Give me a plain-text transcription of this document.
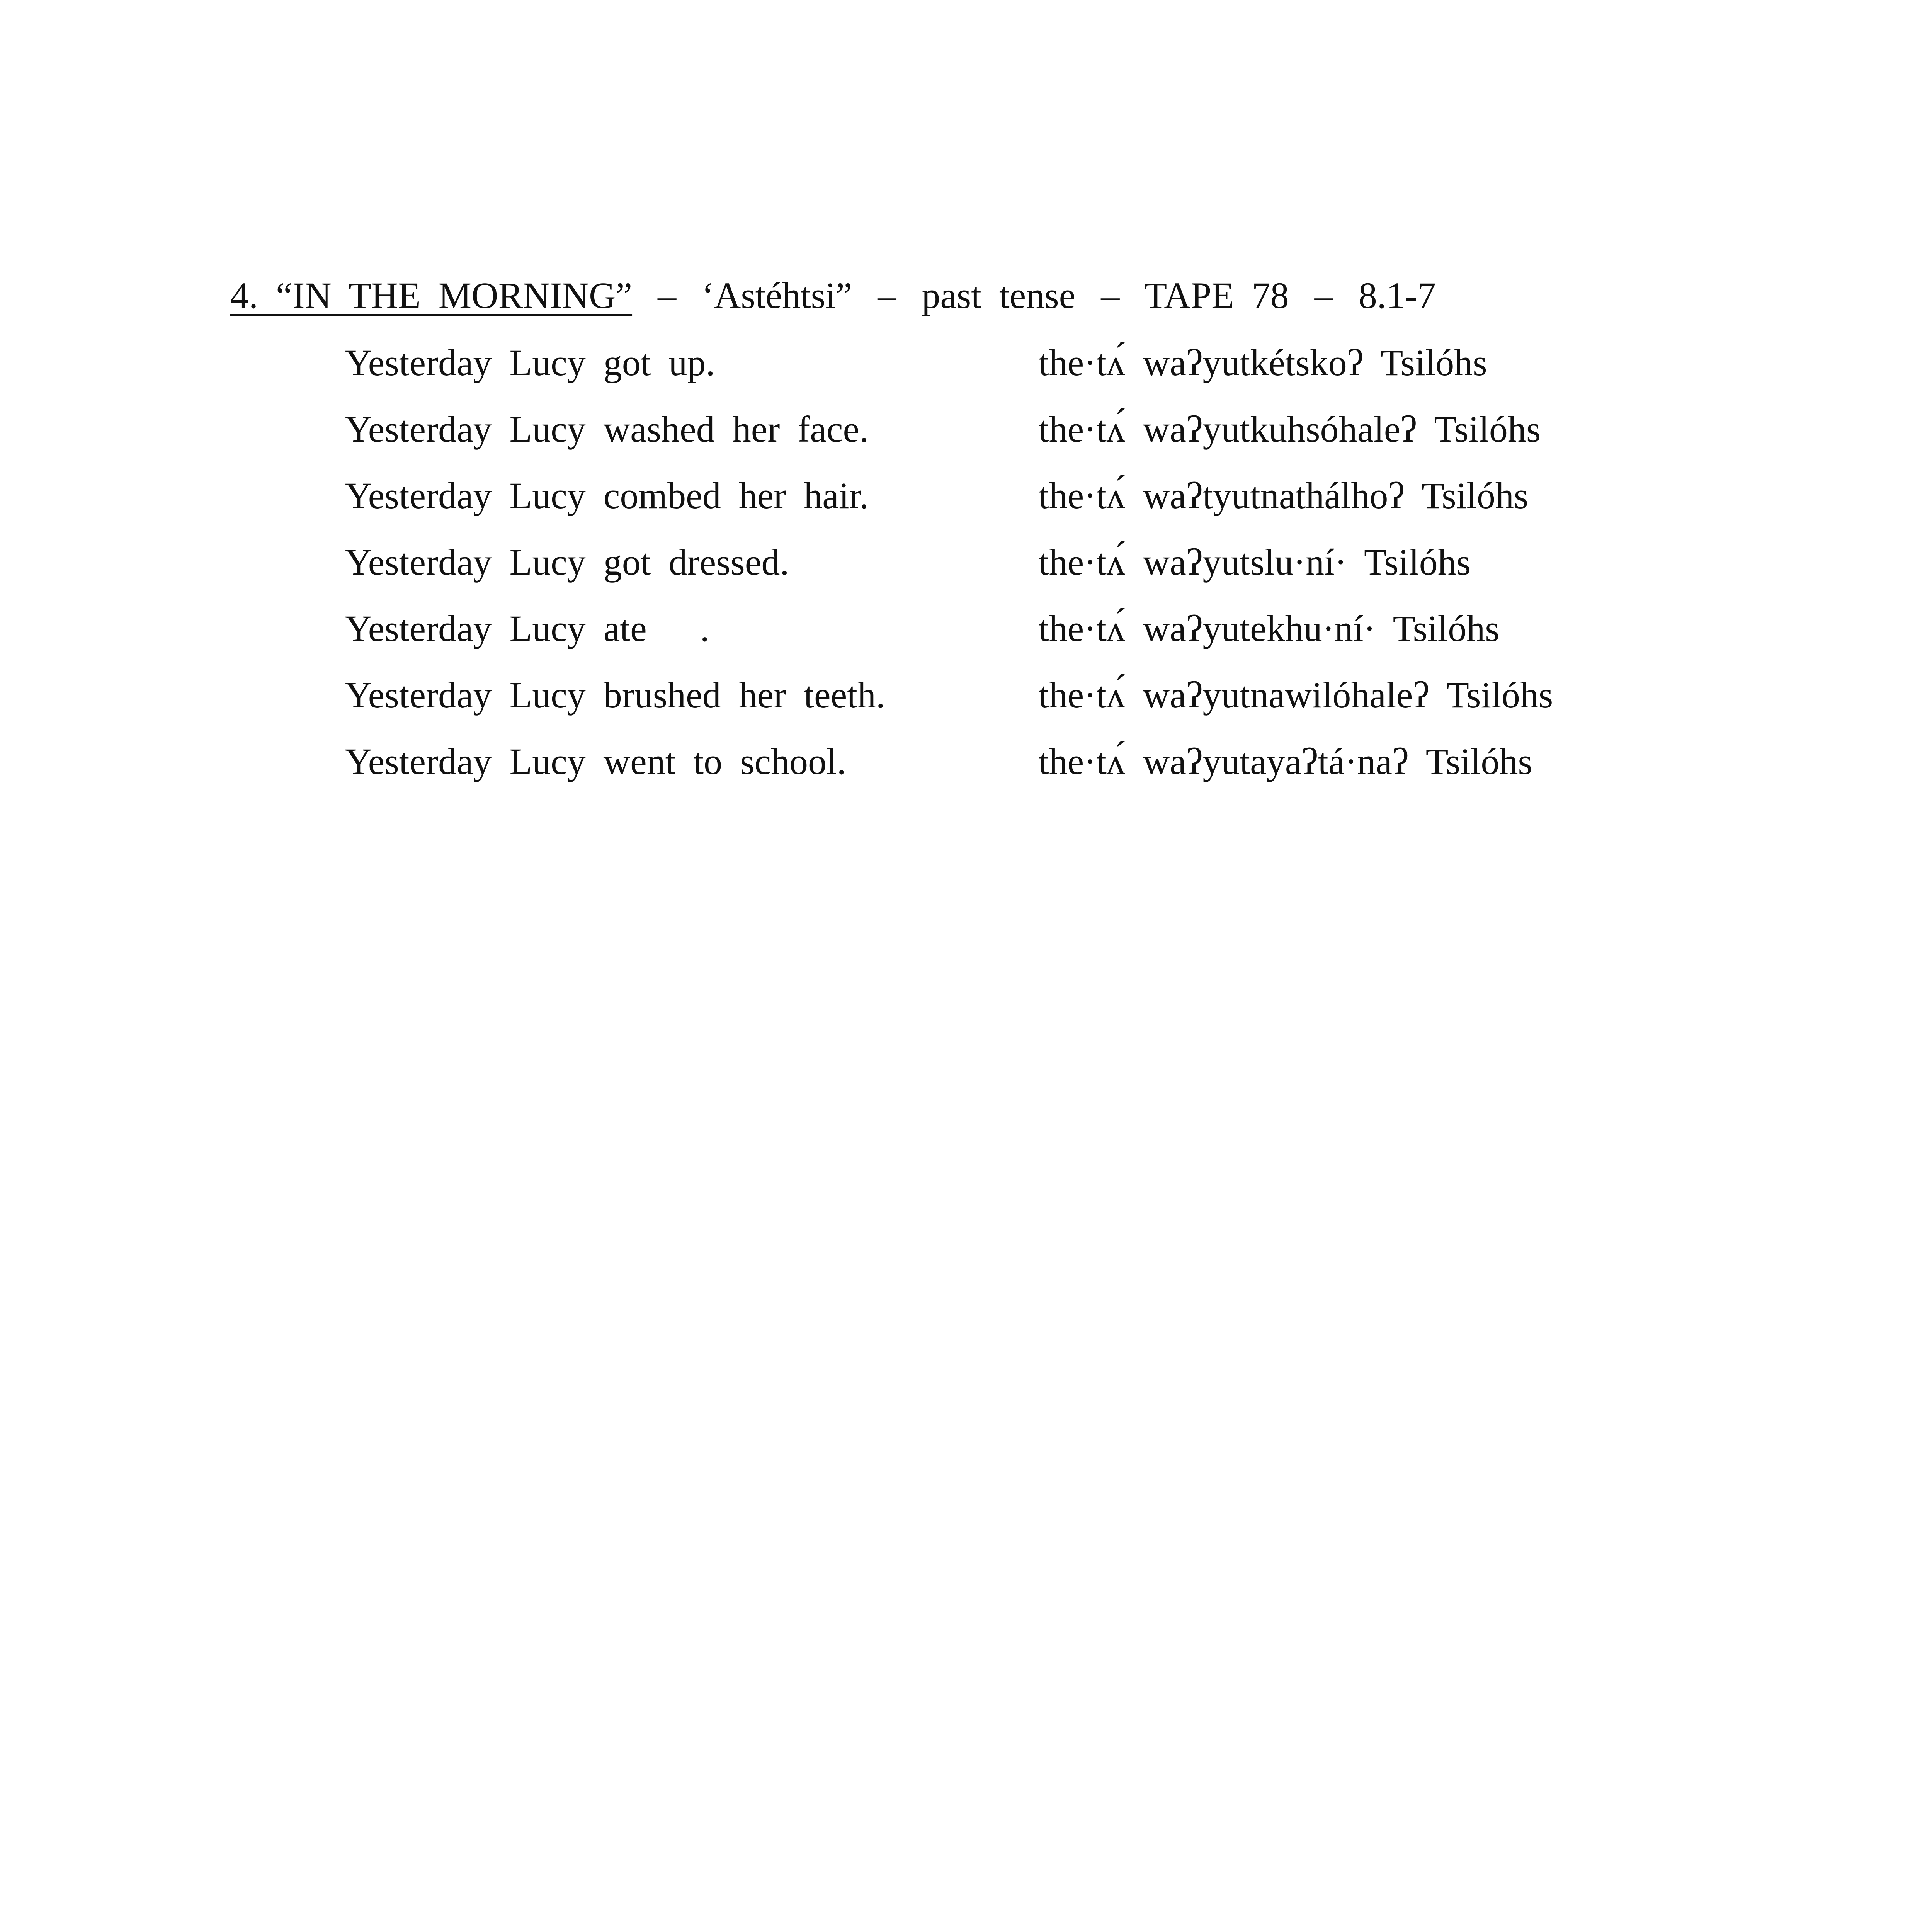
4. “IN THE MORNING” – ‘Astéhtsi” – past tense – TAPE 78 – 8.1-7
Yesterday Lucy got up.	the·tʌ́ waʔyutkétskoʔ Tsilóhs
Yesterday Lucy washed her face.	the·tʌ́ waʔyutkuhsóhaleʔ Tsilóhs
Yesterday Lucy combed her hair.	the·tʌ́ waʔtyutnathálhoʔ Tsilóhs
Yesterday Lucy got dressed.	the·tʌ́ waʔyutslu·ní· Tsilóhs
Yesterday Lucy ate   .	the·tʌ́ waʔyutekhu·ní· Tsilóhs
Yesterday Lucy brushed her teeth.	the·tʌ́ waʔyutnawilóhaleʔ Tsilóhs
Yesterday Lucy went to school.	the·tʌ́ waʔyutayaʔtá·naʔ Tsilóhs
